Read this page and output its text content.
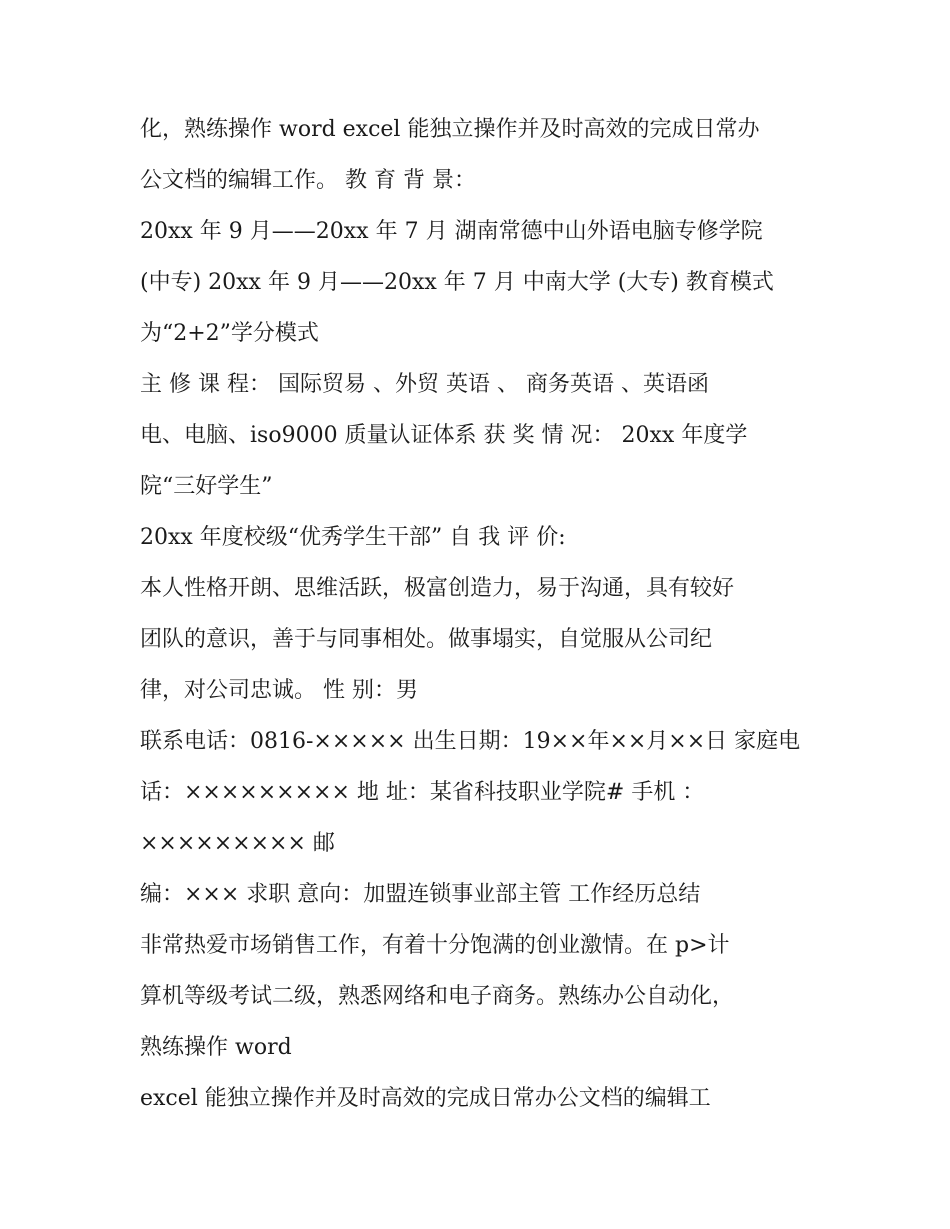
化，熟练操作 word excel 能独立操作并及时高效的完成日常办
公文档的编辑工作。 教 育 背 景：
20xx 年 9 月——20xx 年 7 月 湖南常德中山外语电脑专修学院
(中专) 20xx 年 9 月——20xx 年 7 月 中南大学 (大专) 教育模式
为“2+2”学分模式
主 修 课 程： 国际贸易 、外贸 英语 、 商务英语 、英语函
电、电脑、iso9000 质量认证体系 获 奖 情 况： 20xx 年度学
院“三好学生”
20xx 年度校级“优秀学生干部” 自 我 评 价:
本人性格开朗、思维活跃，极富创造力，易于沟通，具有较好
团队的意识，善于与同事相处。做事塌实，自觉服从公司纪
律，对公司忠诚。 性 别：男
联系电话：0816-××××× 出生日期：19××年××月××日 家庭电
话：××××××××× 地 址：某省科技职业学院# 手机 ：
××××××××× 邮
编：××× 求职 意向：加盟连锁事业部主管 工作经历总结
非常热爱市场销售工作，有着十分饱满的创业激情。在 p>计
算机等级考试二级，熟悉网络和电子商务。熟练办公自动化，
熟练操作 word
excel 能独立操作并及时高效的完成日常办公文档的编辑工
